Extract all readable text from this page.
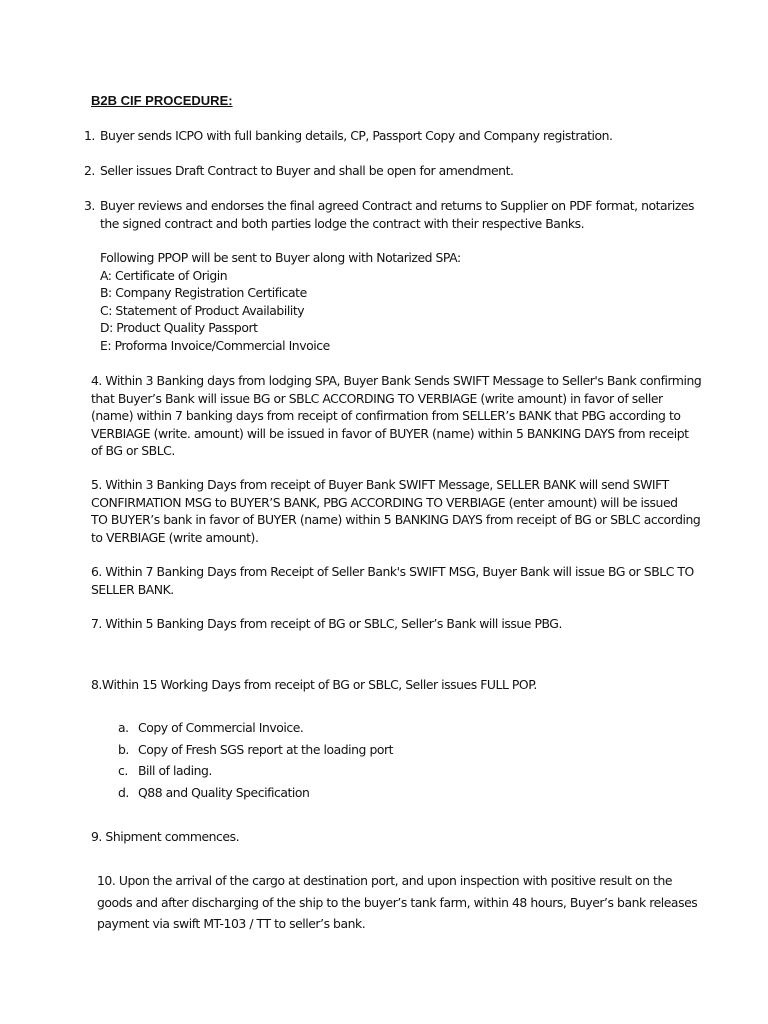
B2B CIF PROCEDURE:
1. Buyer sends ICPO with full banking details, CP, Passport Copy and Company registration.
2. Seller issues Draft Contract to Buyer and shall be open for amendment.
3. Buyer reviews and endorses the final agreed Contract and returns to Supplier on PDF format, notarizes
the signed contract and both parties lodge the contract with their respective Banks.
Following PPOP will be sent to Buyer along with Notarized SPA:
A: Certificate of Origin
B: Company Registration Certificate
C: Statement of Product Availability
D: Product Quality Passport
E: Proforma Invoice/Commercial Invoice
4. Within 3 Banking days from lodging SPA, Buyer Bank Sends SWIFT Message to Seller's Bank confirming
that Buyer’s Bank will issue BG or SBLC ACCORDING TO VERBIAGE (write amount) in favor of seller
(name) within 7 banking days from receipt of confirmation from SELLER’s BANK that PBG according to
VERBIAGE (write. amount) will be issued in favor of BUYER (name) within 5 BANKING DAYS from receipt
of BG or SBLC.
5. Within 3 Banking Days from receipt of Buyer Bank SWIFT Message, SELLER BANK will send SWIFT
CONFIRMATION MSG to BUYER’S BANK, PBG ACCORDING TO VERBIAGE (enter amount) will be issued
TO BUYER’s bank in favor of BUYER (name) within 5 BANKING DAYS from receipt of BG or SBLC according
to VERBIAGE (write amount).
6. Within 7 Banking Days from Receipt of Seller Bank's SWIFT MSG, Buyer Bank will issue BG or SBLC TO
SELLER BANK.
7. Within 5 Banking Days from receipt of BG or SBLC, Seller’s Bank will issue PBG.
8.Within 15 Working Days from receipt of BG or SBLC, Seller issues FULL POP.
a. Copy of Commercial Invoice.
b. Copy of Fresh SGS report at the loading port
c. Bill of lading.
d. Q88 and Quality Specification
9. Shipment commences.
10. Upon the arrival of the cargo at destination port, and upon inspection with positive result on the
goods and after discharging of the ship to the buyer’s tank farm, within 48 hours, Buyer’s bank releases
payment via swift MT-103 / TT to seller’s bank.
